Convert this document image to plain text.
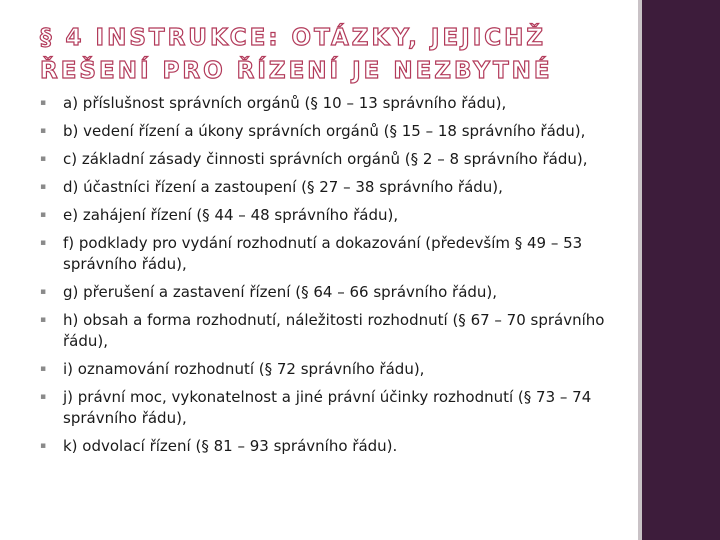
§ 4 INSTRUKCE: OTÁZKY, JEJICHŽ ŘEŠENÍ PRO ŘÍZENÍ JE NEZBYTNÉ
▪ a) příslušnost správních orgánů (§ 10 – 13 správního řádu),
▪ b) vedení řízení a úkony správních orgánů (§ 15 – 18 správního řádu),
▪ c) základní zásady činnosti správních orgánů (§ 2 – 8 správního řádu),
▪ d) účastníci řízení a zastoupení (§ 27 – 38 správního řádu),
▪ e) zahájení řízení (§ 44 – 48 správního řádu),
▪ f) podklady pro vydání rozhodnutí a dokazování (především § 49 – 53 správního řádu),
▪ g) přerušení a zastavení řízení (§ 64 – 66 správního řádu),
▪ h) obsah a forma rozhodnutí, náležitosti rozhodnutí (§ 67 – 70 správního řádu),
▪ i) oznamování rozhodnutí (§ 72 správního řádu),
▪ j) právní moc, vykonatelnost a jiné právní účinky rozhodnutí (§ 73 – 74 správního řádu),
▪ k) odvolací řízení (§ 81 – 93 správního řádu).
